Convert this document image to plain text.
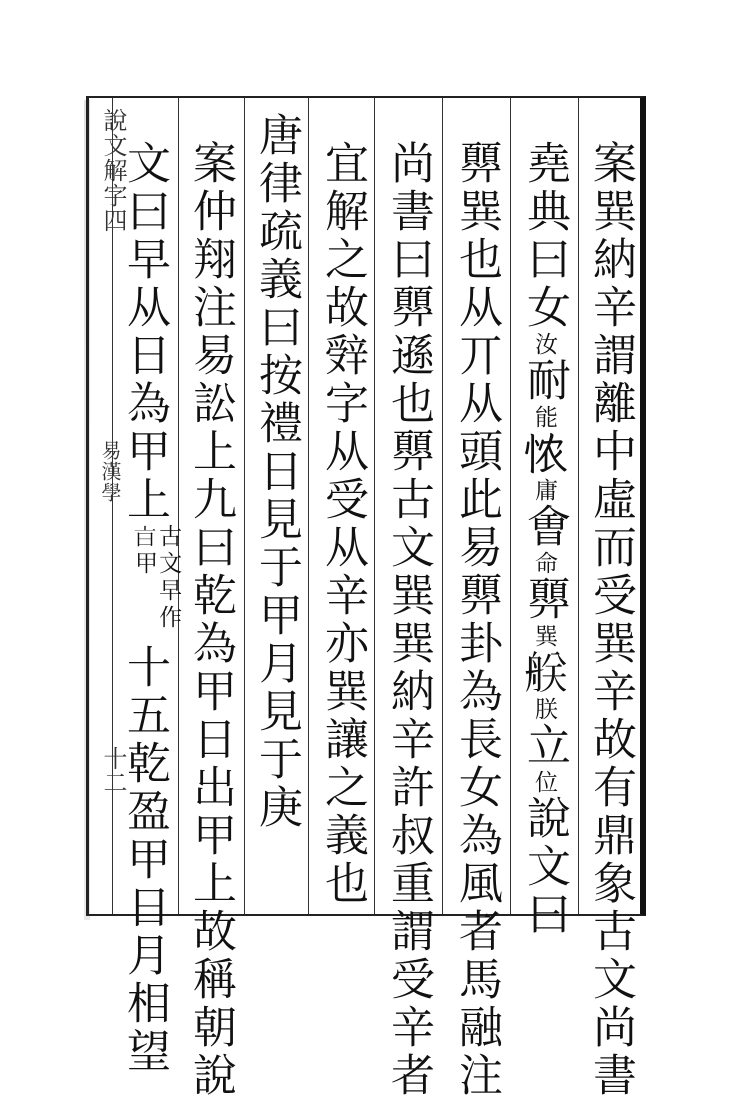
說文解字四
易漢學
十二	案巽納辛謂離中虛而受巽辛故有鼎象古文尚書
堯典曰女汝耐能𢙐庸㑹命顨巽𦨶朕立位說文曰
顨巽也从丌从頭此易顨卦為長女為風者馬融注
尚書曰顨遜也顨古文巽巽納辛許叔重謂受辛者
宜解之故辤字从受从辛亦巽讓之義也
唐律疏義曰按禮日見于甲月見于庚
案仲翔注易訟上九曰乾為甲日出甲上故稱朝說
文曰早从日為甲上古文早作𣅀甲十五乾盈甲日月相望
